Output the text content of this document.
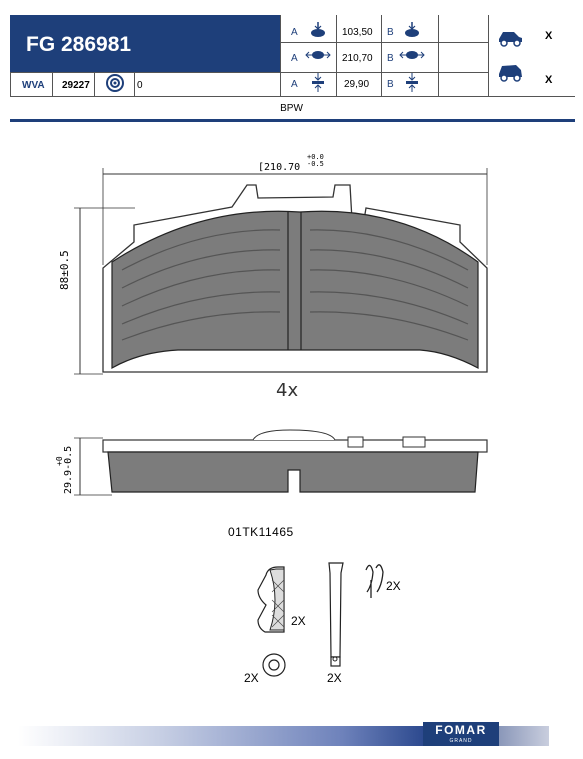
FG 286981
WVA 29227	0
A	103,50 B
A	210,70 B
A	29,90 B
X
X
BPW
[210.70
+0.0
-0.5
88±0.5
4x
29.9-0.5
+0
01TK11465
2X
2X
2X
2X
FOMAR
GRAND
